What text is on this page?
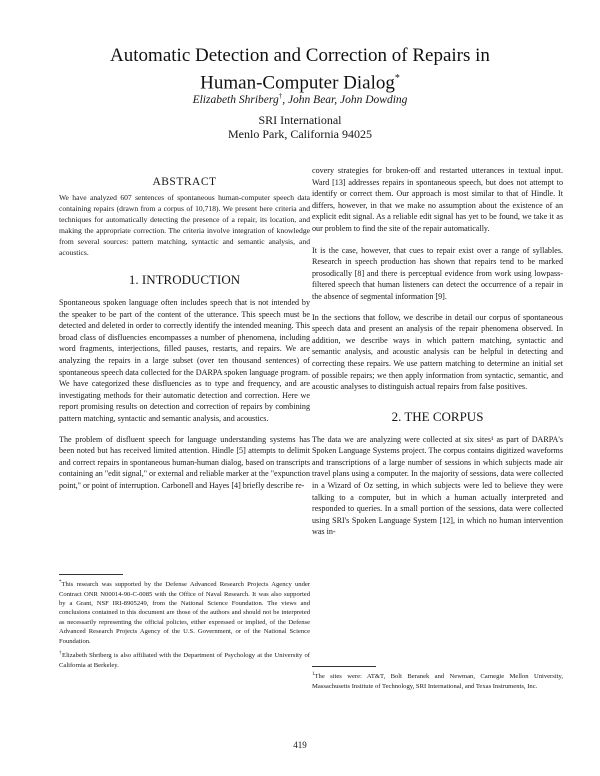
Automatic Detection and Correction of Repairs in
Human-Computer Dialog*
Elizabeth Shriberg†, John Bear, John Dowding
SRI International
Menlo Park, California 94025
ABSTRACT

We have analyzed 607 sentences of spontaneous human-computer speech data containing repairs (drawn from a corpus of 10,718). We present here criteria and techniques for automatically detecting the presence of a repair, its location, and making the appropriate correction. The criteria involve integration of knowledge from several sources: pattern matching, syntactic and semantic analysis, and acoustics.

1. INTRODUCTION

Spontaneous spoken language often includes speech that is not intended by the speaker to be part of the content of the utterance. This speech must be detected and deleted in order to correctly identify the intended meaning. This broad class of disfluencies encompasses a number of phenomena, including word fragments, interjections, filled pauses, restarts, and repairs. We are analyzing the repairs in a large subset (over ten thousand sentences) of spontaneous speech data collected for the DARPA spoken language program. We have categorized these disfluencies as to type and frequency, and are investigating methods for their automatic detection and correction. Here we report promising results on detection and correction of repairs by combining pattern matching, syntactic and semantic analysis, and acoustics.

The problem of disfluent speech for language understanding systems has been noted but has received limited attention. Hindle [5] attempts to delimit and correct repairs in spontaneous human-human dialog, based on transcripts containing an "edit signal," or external and reliable marker at the "expunction point," or point of interruption. Carbonell and Hayes [4] briefly describe re-

covery strategies for broken-off and restarted utterances in textual input. Ward [13] addresses repairs in spontaneous speech, but does not attempt to identify or correct them. Our approach is most similar to that of Hindle. It differs, however, in that we make no assumption about the existence of an explicit edit signal. As a reliable edit signal has yet to be found, we take it as our problem to find the site of the repair automatically.

It is the case, however, that cues to repair exist over a range of syllables. Research in speech production has shown that repairs tend to be marked prosodically [8] and there is perceptual evidence from work using lowpass-filtered speech that human listeners can detect the occurrence of a repair in the absence of segmental information [9].

In the sections that follow, we describe in detail our corpus of spontaneous speech data and present an analysis of the repair phenomena observed. In addition, we describe ways in which pattern matching, syntactic and semantic analysis, and acoustic analysis can be helpful in detecting and correcting these repairs. We use pattern matching to determine an initial set of possible repairs; we then apply information from syntactic, semantic, and acoustic analyses to distinguish actual repairs from false positives.

2. THE CORPUS

The data we are analyzing were collected at six sites¹ as part of DARPA's Spoken Language Systems project. The corpus contains digitized waveforms and transcriptions of a large number of sessions in which subjects made air travel plans using a computer. In the majority of sessions, data were collected in a Wizard of Oz setting, in which subjects were led to believe they were talking to a computer, but in which a human actually interpreted and responded to queries. In a small portion of the sessions, data were collected using SRI's Spoken Language System [12], in which no human intervention was in-

*This research was supported by the Defense Advanced Research Projects Agency under Contract ONR N00014-90-C-0085 with the Office of Naval Research. It was also supported by a Grant, NSF IRI-8905249, from the National Science Foundation. The views and conclusions contained in this document are those of the authors and should not be interpreted as necessarily representing the official policies, either expressed or implied, of the Defense Advanced Research Projects Agency of the U.S. Government, or of the National Science Foundation.

†Elizabeth Shriberg is also affiliated with the Department of Psychology at the University of California at Berkeley.

$^1$The sites were: AT&T, Bolt Beranek and Newman, Carnegie Mellon University, Massachusetts Institute of Technology, SRI International, and Texas Instruments, Inc.

419
